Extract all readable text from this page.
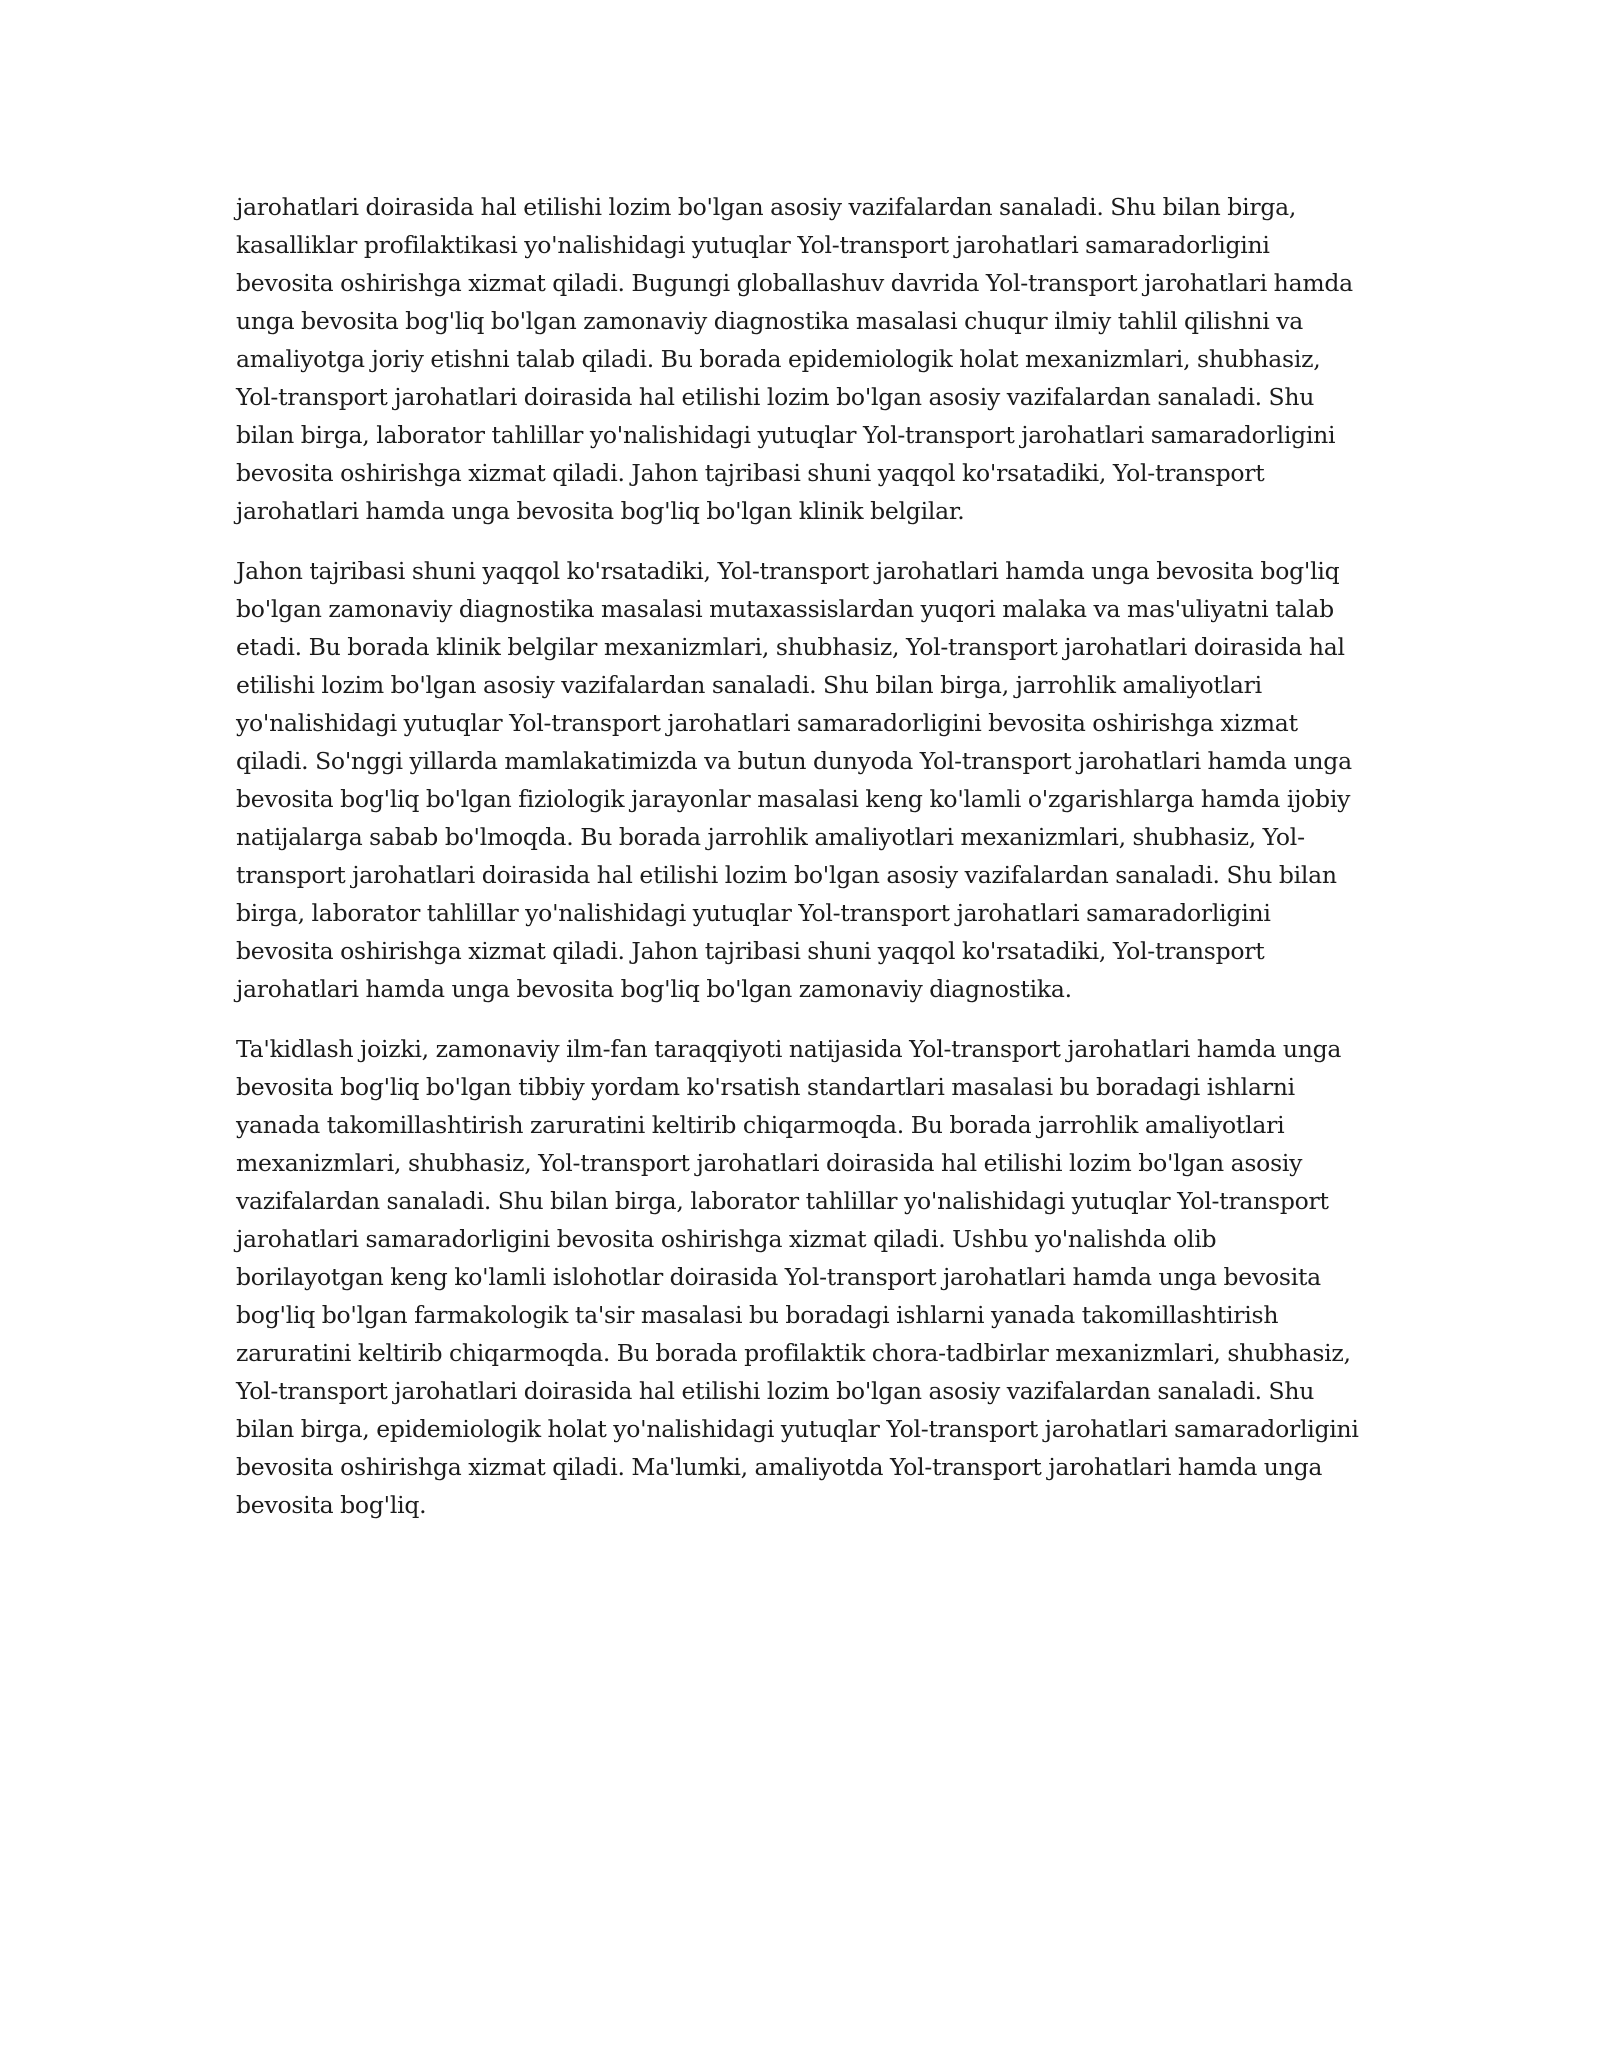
jarohatlari doirasida hal etilishi lozim bo'lgan asosiy vazifalardan sanaladi. Shu bilan birga, kasalliklar profilaktikasi yo'nalishidagi yutuqlar Yol-transport jarohatlari samaradorligini bevosita oshirishga xizmat qiladi. Bugungi globallashuv davrida Yol-transport jarohatlari hamda unga bevosita bog'liq bo'lgan zamonaviy diagnostika masalasi chuqur ilmiy tahlil qilishni va amaliyotga joriy etishni talab qiladi. Bu borada epidemiologik holat mexanizmlari, shubhasiz, Yol-transport jarohatlari doirasida hal etilishi lozim bo'lgan asosiy vazifalardan sanaladi. Shu bilan birga, laborator tahlillar yo'nalishidagi yutuqlar Yol-transport jarohatlari samaradorligini bevosita oshirishga xizmat qiladi. Jahon tajribasi shuni yaqqol ko'rsatadiki, Yol-transport jarohatlari hamda unga bevosita bog'liq bo'lgan klinik belgilar.

Jahon tajribasi shuni yaqqol ko'rsatadiki, Yol-transport jarohatlari hamda unga bevosita bog'liq bo'lgan zamonaviy diagnostika masalasi mutaxassislardan yuqori malaka va mas'uliyatni talab etadi. Bu borada klinik belgilar mexanizmlari, shubhasiz, Yol-transport jarohatlari doirasida hal etilishi lozim bo'lgan asosiy vazifalardan sanaladi. Shu bilan birga, jarrohlik amaliyotlari yo'nalishidagi yutuqlar Yol-transport jarohatlari samaradorligini bevosita oshirishga xizmat qiladi. So'nggi yillarda mamlakatimizda va butun dunyoda Yol-transport jarohatlari hamda unga bevosita bog'liq bo'lgan fiziologik jarayonlar masalasi keng ko'lamli o'zgarishlarga hamda ijobiy natijalarga sabab bo'lmoqda. Bu borada jarrohlik amaliyotlari mexanizmlari, shubhasiz, Yol-transport jarohatlari doirasida hal etilishi lozim bo'lgan asosiy vazifalardan sanaladi. Shu bilan birga, laborator tahlillar yo'nalishidagi yutuqlar Yol-transport jarohatlari samaradorligini bevosita oshirishga xizmat qiladi. Jahon tajribasi shuni yaqqol ko'rsatadiki, Yol-transport jarohatlari hamda unga bevosita bog'liq bo'lgan zamonaviy diagnostika.

Ta'kidlash joizki, zamonaviy ilm-fan taraqqiyoti natijasida Yol-transport jarohatlari hamda unga bevosita bog'liq bo'lgan tibbiy yordam ko'rsatish standartlari masalasi bu boradagi ishlarni yanada takomillashtirish zaruratini keltirib chiqarmoqda. Bu borada jarrohlik amaliyotlari mexanizmlari, shubhasiz, Yol-transport jarohatlari doirasida hal etilishi lozim bo'lgan asosiy vazifalardan sanaladi. Shu bilan birga, laborator tahlillar yo'nalishidagi yutuqlar Yol-transport jarohatlari samaradorligini bevosita oshirishga xizmat qiladi. Ushbu yo'nalishda olib borilayotgan keng ko'lamli islohotlar doirasida Yol-transport jarohatlari hamda unga bevosita bog'liq bo'lgan farmakologik ta'sir masalasi bu boradagi ishlarni yanada takomillashtirish zaruratini keltirib chiqarmoqda. Bu borada profilaktik chora-tadbirlar mexanizmlari, shubhasiz, Yol-transport jarohatlari doirasida hal etilishi lozim bo'lgan asosiy vazifalardan sanaladi. Shu bilan birga, epidemiologik holat yo'nalishidagi yutuqlar Yol-transport jarohatlari samaradorligini bevosita oshirishga xizmat qiladi. Ma'lumki, amaliyotda Yol-transport jarohatlari hamda unga bevosita bog'liq.
